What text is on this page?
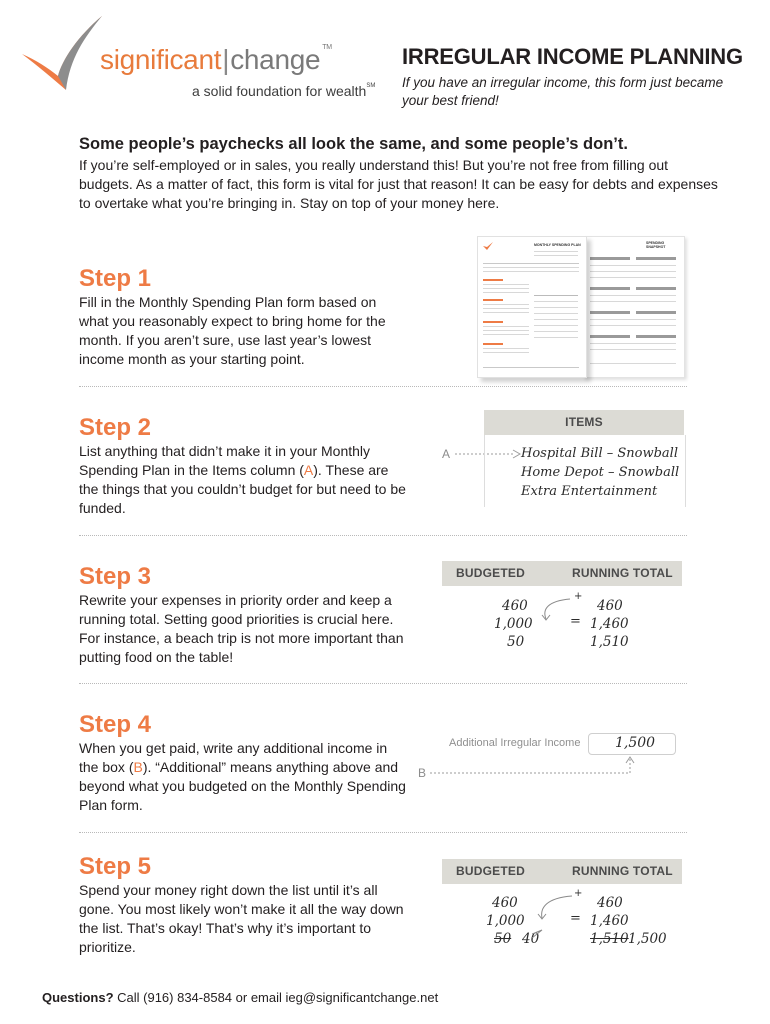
significant|change ™
a solid foundation for wealth℠
IRREGULAR INCOME PLANNING
If you have an irregular income, this form just became your best friend!
Some people’s paychecks all look the same, and some people’s don’t.
If you’re self-employed or in sales, you really understand this! But you’re not free from filling out budgets. As a matter of fact, this form is vital for just that reason! It can be easy for debts and expenses to overtake what you’re bringing in. Stay on top of your money here.
Step 1
Fill in the Monthly Spending Plan form based on what you reasonably expect to bring home for the month. If you aren’t sure, use last year’s lowest income month as your starting point.
SPENDING SNAPSHOT
MONTHLY SPENDING PLAN
Step 2
List anything that didn’t make it in your Monthly Spending Plan in the Items column (A). These are the things that you couldn’t budget for but need to be funded.
A
ITEMS
Hospital Bill – Snowball
Home Depot – Snowball
Extra Entertainment
Step 3
Rewrite your expenses in priority order and keep a running total. Setting good priorities is crucial here. For instance, a beach trip is not more important than putting food on the table!
BUDGETED	RUNNING TOTAL
460
1,000
50
460
1,460
1,510
+
=
Step 4
When you get paid, write any additional income in the box (B). “Additional” means anything above and beyond what you budgeted on the Monthly Spending Plan form.
Additional Irregular Income 1,500
B
Step 5
Spend your money right down the list until it’s all gone. You most likely won’t make it all the way down the list. That’s okay! That’s why it’s important to prioritize.
BUDGETED	RUNNING TOTAL
460
1,000
50 40
460
1,460
1,510 1,500
+
=
Questions? Call (916) 834-8584 or email ieg@significantchange.net
